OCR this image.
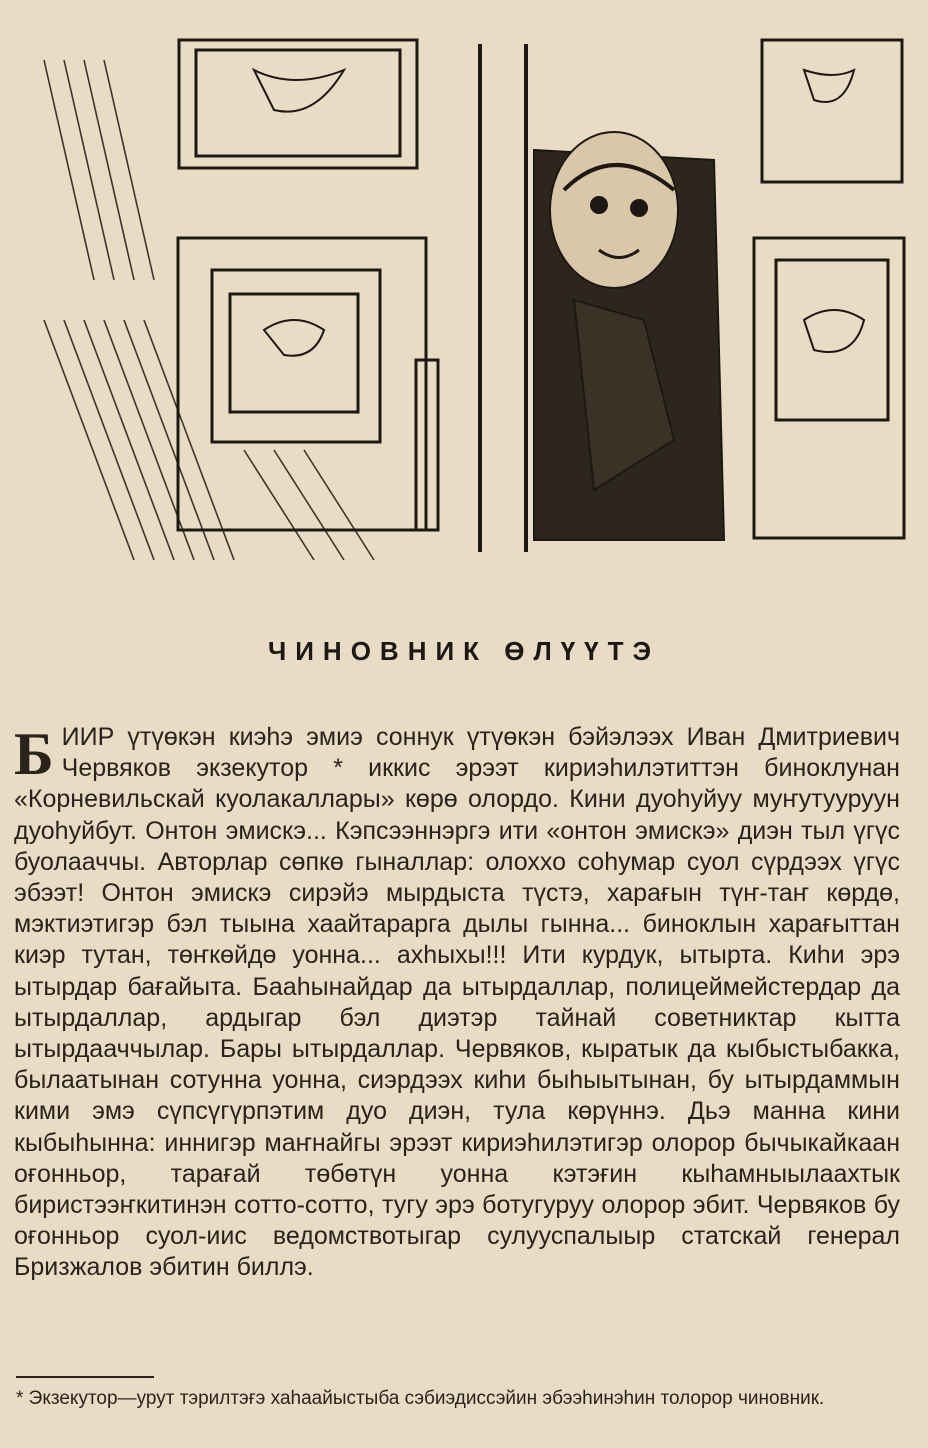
ЧИНОВНИК ӨЛҮҮТЭ
Б ИИР үтүөкэн киэһэ эмиэ соннук үтүөкэн бэйэлээх Иван Дмитриевич Червяков экзекутор * иккис эрээт кириэһилэтиттэн биноклунан «Корневильскай куолакаллары» көрө олордо. Кини дуоһуйуу муҥутууруун дуоһуйбут. Онтон эмискэ... Кэпсээннэргэ ити «онтон эмискэ» диэн тыл үгүс буолааччы. Авторлар сөпкө гыналлар: олоххо соһумар суол сүрдээх үгүс эбээт! Онтон эмискэ сирэйэ мырдыста түстэ, харағын түҥ-таҥ көрдө, мэктиэтигэр бэл тыына хаайтарарга дылы гынна... биноклын харағыттан киэр тутан, төҥкөйдө уонна... ахһыхы!!! Ити курдук, ытырта. Киһи эрэ ытырдар бағайыта. Бааһынайдар да ытырдаллар, полицеймейстердар да ытырдаллар, ардыгар бэл диэтэр тайнай советниктар кытта ытырдааччылар. Бары ытырдаллар. Червяков, кыратык да кыбыстыбакка, былаатынан сотунна уонна, сиэрдээх киһи быһыытынан, бу ытырдаммын кими эмэ сүпсүгүрпэтим дуо диэн, тула көрүннэ. Дьэ манна кини кыбыһынна: иннигэр маҥнайгы эрээт кириэһилэтигэр олорор бычыкайкаан оғонньор, тарағай төбөтүн уонна кэтэғин кыһамныылаахтык биристээҥкитинэн сотто-сотто, тугу эрэ ботугуруу олорор эбит. Червяков бу оғонньор суол-иис ведомствотыгар сулууспалыыр статскай генерал Бризжалов эбитин биллэ.
* Экзекутор—урут тэрилтэғэ хаһаайыстыба сэбиэдиссэйин эбээһинэһин толорор чиновник.
